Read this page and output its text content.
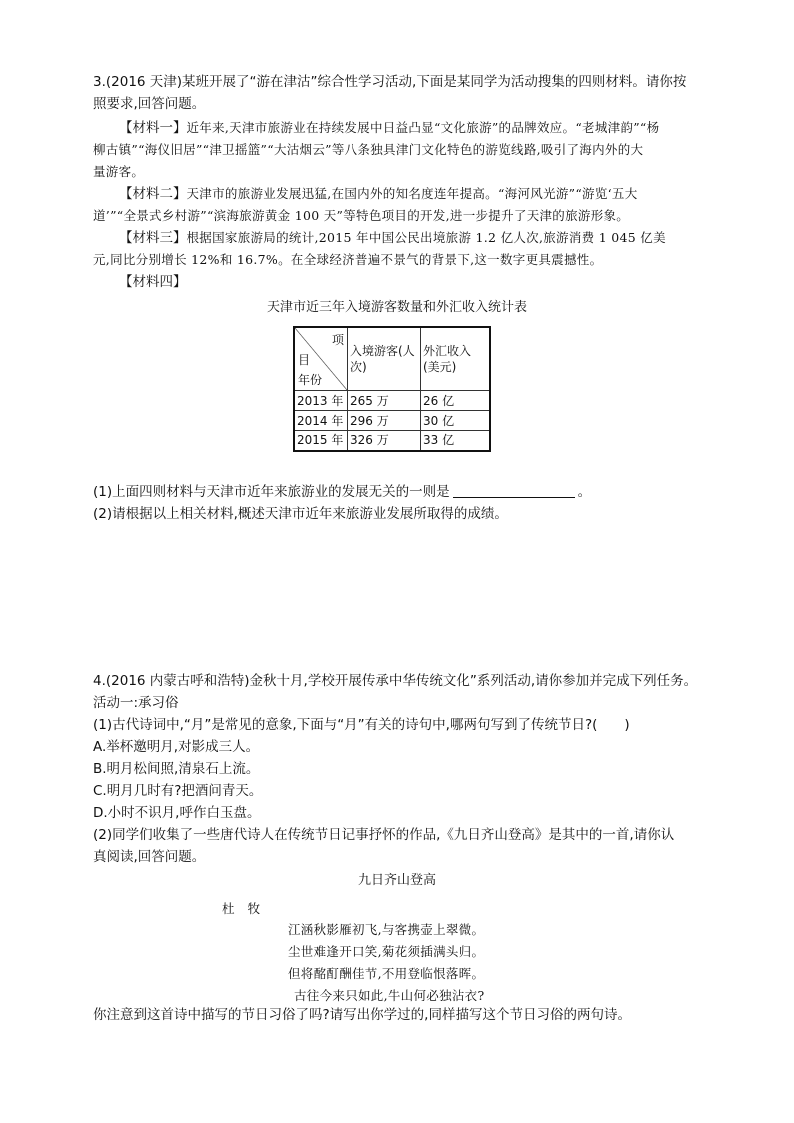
3.(2016 天津)某班开展了“游在津沽”综合性学习活动,下面是某同学为活动搜集的四则材料。请你按
照要求,回答问题。
【材料一】近年来,天津市旅游业在持续发展中日益凸显“文化旅游”的品牌效应。“老城津韵”“杨
柳古镇”“海仪旧居”“津卫摇篮”“大沽烟云”等八条独具津门文化特色的游览线路,吸引了海内外的大
量游客。
【材料二】天津市的旅游业发展迅猛,在国内外的知名度连年提高。“海河风光游”“游览‘五大
道’”“全景式乡村游”“滨海旅游黄金 100 天”等特色项目的开发,进一步提升了天津的旅游形象。
【材料三】根据国家旅游局的统计,2015 年中国公民出境旅游 1.2 亿人次,旅游消费 1 045 亿美
元,同比分别增长 12%和 16.7%。在全球经济普遍不景气的背景下,这一数字更具震撼性。
【材料四】
天津市近三年入境游客数量和外汇收入统计表
项
目
年份	入境游客(人次)	外汇收入(美元)
2013 年	265 万	26 亿
2014 年	296 万	30 亿
2015 年	326 万	33 亿
(1)上面四则材料与天津市近年来旅游业的发展无关的一则是	。
(2)请根据以上相关材料,概述天津市近年来旅游业发展所取得的成绩。
4.(2016 内蒙古呼和浩特)金秋十月,学校开展传承中华传统文化”系列活动,请你参加并完成下列任务。
活动一:承习俗
(1)古代诗词中,“月”是常见的意象,下面与“月”有关的诗句中,哪两句写到了传统节日?(　　)
A.举杯邀明月,对影成三人。
B.明月松间照,清泉石上流。
C.明月几时有?把酒问青天。
D.小时不识月,呼作白玉盘。
(2)同学们收集了一些唐代诗人在传统节日记事抒怀的作品,《九日齐山登高》是其中的一首,请你认
真阅读,回答问题。
九日齐山登高
杜　牧
江涵秋影雁初飞,与客携壶上翠微。
尘世难逢开口笑,菊花须插满头归。
但将酩酊酬佳节,不用登临恨落晖。
古往今来只如此,牛山何必独沾衣?
你注意到这首诗中描写的节日习俗了吗?请写出你学过的,同样描写这个节日习俗的两句诗。
